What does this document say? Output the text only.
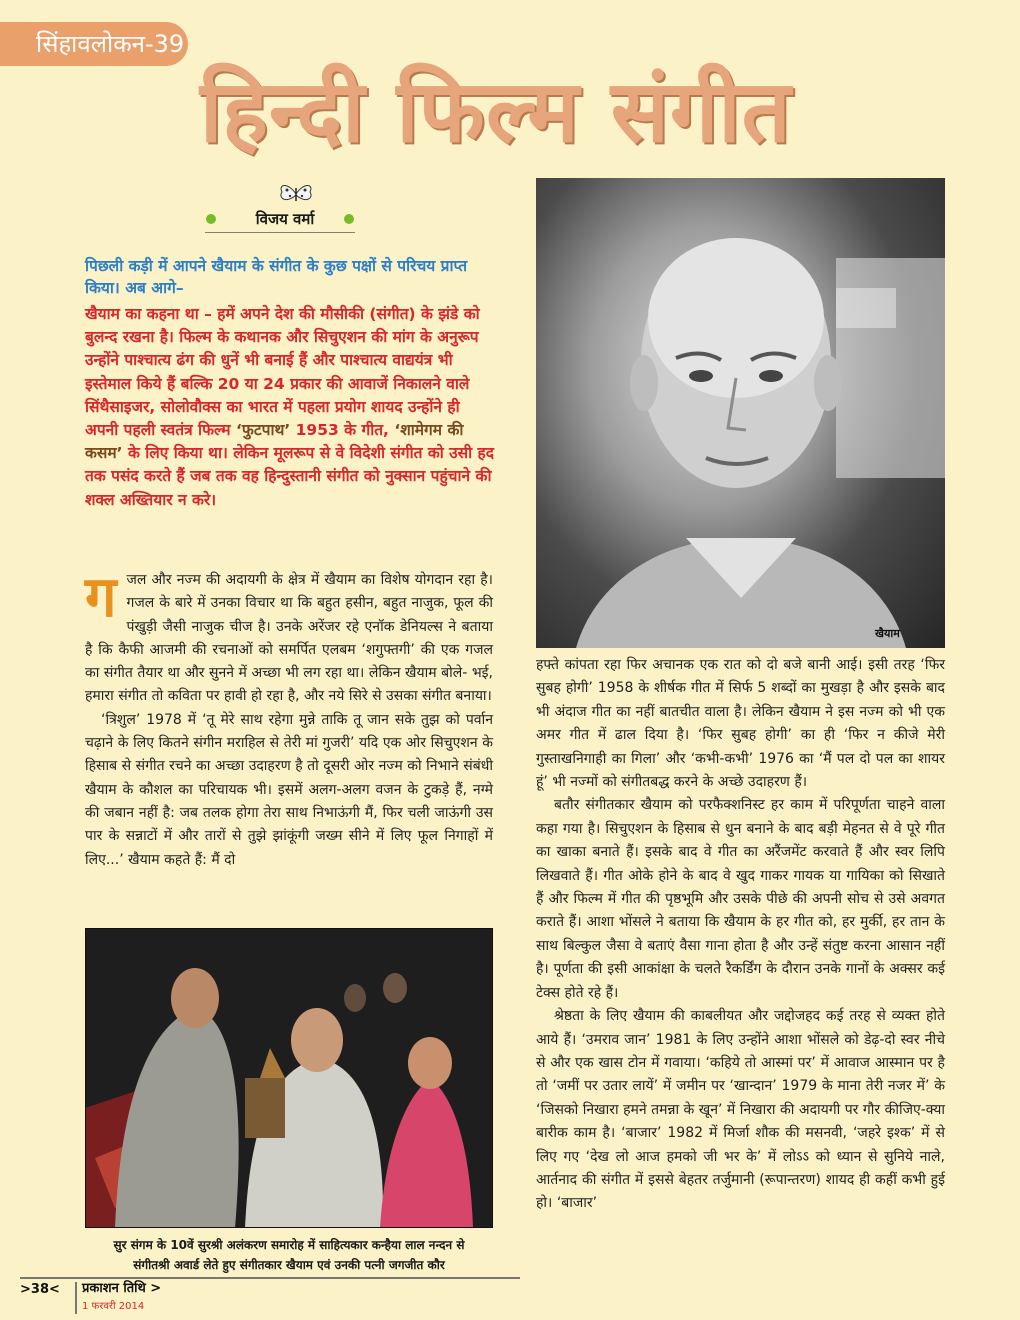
सिंहावलोकन-39
हिन्दी फिल्म संगीत
विजय वर्मा
पिछली कड़ी में आपने खैयाम के संगीत के कुछ पक्षों से परिचय प्राप्त किया। अब आगे–
खैयाम का कहना था – हमें अपने देश की मौसीकी (संगीत) के झंडे को बुलन्द रखना है। फिल्म के कथानक और सिचुएशन की मांग के अनुरूप उन्होंने पाश्चात्य ढंग की धुनें भी बनाई हैं और पाश्चात्य वाद्ययंत्र भी इस्तेमाल किये हैं बल्कि 20 या 24 प्रकार की आवाजें निकालने वाले सिंथैसाइजर, सोलोवौक्स का भारत में पहला प्रयोग शायद उन्होंने ही अपनी पहली स्वतंत्र फिल्म ‘फुटपाथ’ 1953 के गीत, ‘शामेगम की कसम’ के लिए किया था। लेकिन मूलरूप से वे विदेशी संगीत को उसी हद तक पसंद करते हैं जब तक वह हिन्दुस्तानी संगीत को नुक्सान पहुंचाने की शक्ल अख्तियार न करे।

गजल और नज्म की अदायगी के क्षेत्र में खैयाम का विशेष योगदान रहा है। गजल के बारे में उनका विचार था कि बहुत हसीन, बहुत नाजुक, फूल की पंखुड़ी जैसी नाजुक चीज है। उनके अरेंजर रहे एनॉक डेनियल्स ने बताया है कि कैफी आजमी की रचनाओं को समर्पित एलबम ‘शगुफ्तगी’ की एक गजल का संगीत तैयार था और सुनने में अच्छा भी लग रहा था। लेकिन खैयाम बोले- भई, हमारा संगीत तो कविता पर हावी हो रहा है, और नये सिरे से उसका संगीत बनाया।

‘त्रिशुल’ 1978 में ‘तू मेरे साथ रहेगा मुन्ने ताकि तू जान सके तुझ को पर्वान चढ़ाने के लिए कितने संगीन मराहिल से तेरी मां गुजरी’ यदि एक ओर सिचुएशन के हिसाब से संगीत रचने का अच्छा उदाहरण है तो दूसरी ओर नज्म को निभाने संबंधी खैयाम के कौशल का परिचायक भी। इसमें अलग-अलग वजन के टुकड़े हैं, नग्मे की जबान नहीं है: जब तलक होगा तेरा साथ निभाऊंगी मैं, फिर चली जाऊंगी उस पार के सन्नाटों में और तारों से तुझे झांकूंगी जख्म सीने में लिए फूल निगाहों में लिए...’ खैयाम कहते हैं: मैं दो

खैयाम

हफ्ते कांपता रहा फिर अचानक एक रात को दो बजे बानी आई। इसी तरह ‘फिर सुबह होगी’ 1958 के शीर्षक गीत में सिर्फ 5 शब्दों का मुखड़ा है और इसके बाद भी अंदाज गीत का नहीं बातचीत वाला है। लेकिन खैयाम ने इस नज्म को भी एक अमर गीत में ढाल दिया है। ‘फिर सुबह होगी’ का ही ‘फिर न कीजे मेरी गुस्ताखनिगाही का गिला’ और ‘कभी-कभी’ 1976 का ‘मैं पल दो पल का शायर हूं’ भी नज्मों को संगीतबद्ध करने के अच्छे उदाहरण हैं।

बतौर संगीतकार खैयाम को परफैक्शनिस्ट हर काम में परिपूर्णता चाहने वाला कहा गया है। सिचुएशन के हिसाब से धुन बनाने के बाद बड़ी मेहनत से वे पूरे गीत का खाका बनाते हैं। इसके बाद वे गीत का अरैंजमेंट करवाते हैं और स्वर लिपि लिखवाते हैं। गीत ओके होने के बाद वे खुद गाकर गायक या गायिका को सिखाते हैं और फिल्म में गीत की पृष्ठभूमि और उसके पीछे की अपनी सोच से उसे अवगत कराते हैं। आशा भोंसले ने बताया कि खैयाम के हर गीत को, हर मुर्की, हर तान के साथ बिल्कुल जैसा वे बताएं वैसा गाना होता है और उन्हें संतुष्ट करना आसान नहीं है। पूर्णता की इसी आकांक्षा के चलते रैकर्डिंग के दौरान उनके गानों के अक्सर कई टेक्स होते रहे हैं।

श्रेष्ठता के लिए खैयाम की काबलीयत और जद्दोजहद कई तरह से व्यक्त होते आये हैं। ‘उमराव जान’ 1981 के लिए उन्होंने आशा भोंसले को डेढ़-दो स्वर नीचे से और एक खास टोन में गवाया। ‘कहिये तो आस्मां पर’ में आवाज आस्मान पर है तो ‘जमीं पर उतार लायें’ में जमीन पर ‘खान्दान’ 1979 के माना तेरी नजर में’ के ‘जिसको निखारा हमने तमन्ना के खून’ में निखारा की अदायगी पर गौर कीजिए-क्या बारीक काम है। ‘बाजार’ 1982 में मिर्जा शौक की मसनवी, ‘जहरे इश्क’ में से लिए गए ‘देख लो आज हमको जी भर के’ में लोऽऽ को ध्यान से सुनिये नाले, आर्तनाद की संगीत में इससे बेहतर तर्जुमानी (रूपान्तरण) शायद ही कहीं कभी हुई हो। ‘बाजार’

सुर संगम के 10वें सुरश्री अलंकरण समारोह में साहित्यकार कन्हैया लाल नन्दन से
संगीतश्री अवार्ड लेते हुए संगीतकार खैयाम एवं उनकी पत्नी जगजीत कौर
>38< प्रकाशन तिथि >
1 फरवरी 2014
